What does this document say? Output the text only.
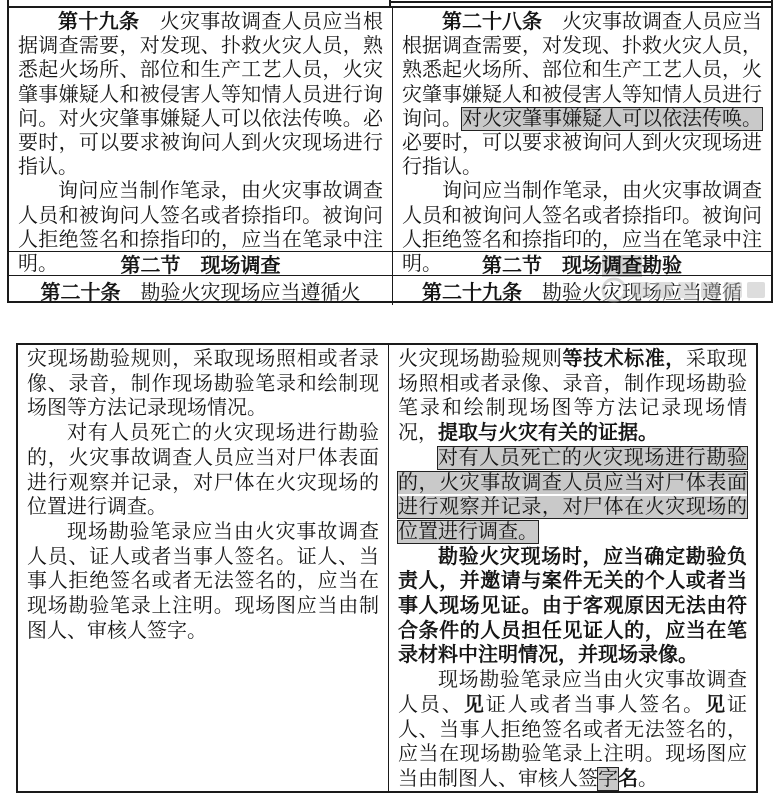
第十九条　火灾事故调查人员应当根据调查需要，对发现、扑救火灾人员，熟悉起火场所、部位和生产工艺人员，火灾肇事嫌疑人和被侵害人等知情人员进行询问。对火灾肇事嫌疑人可以依法传唤。必要时，可以要求被询问人到火灾现场进行指认。

询问应当制作笔录，由火灾事故调查人员和被询问人签名或者捺指印。被询问人拒绝签名和捺指印的，应当在笔录中注明。

第二十八条　火灾事故调查人员应当根据调查需要，对发现、扑救火灾人员，熟悉起火场所、部位和生产工艺人员，火灾肇事嫌疑人和被侵害人等知情人员进行询问。对火灾肇事嫌疑人可以依法传唤。必要时，可以要求被询问人到火灾现场进行指认。

询问应当制作笔录，由火灾事故调查人员和被询问人签名或者捺指印。被询问人拒绝签名和捺指印的，应当在笔录中注明。

第二节　现场调查	第二节　现场调查勘验
第二十条　勘验火灾现场应当遵循火	第二十九条　勘验火灾现场应当遵循

灾现场勘验规则，采取现场照相或者录像、录音，制作现场勘验笔录和绘制现场图等方法记录现场情况。

对有人员死亡的火灾现场进行勘验的，火灾事故调查人员应当对尸体表面进行观察并记录，对尸体在火灾现场的位置进行调查。

现场勘验笔录应当由火灾事故调查人员、证人或者当事人签名。证人、当事人拒绝签名或者无法签名的，应当在现场勘验笔录上注明。现场图应当由制图人、审核人签字。

火灾现场勘验规则等技术标准，采取现场照相或者录像、录音，制作现场勘验笔录和绘制现场图等方法记录现场情况，提取与火灾有关的证据。

对有人员死亡的火灾现场进行勘验的，火灾事故调查人员应当对尸体表面进行观察并记录，对尸体在火灾现场的位置进行调查。

勘验火灾现场时，应当确定勘验负责人，并邀请与案件无关的个人或者当事人现场见证。由于客观原因无法由符合条件的人员担任见证人的，应当在笔录材料中注明情况，并现场录像。

现场勘验笔录应当由火灾事故调查人员、见证人或者当事人签名。见证人、当事人拒绝签名或者无法签名的，应当在现场勘验笔录上注明。现场图应当由制图人、审核人签字名。
